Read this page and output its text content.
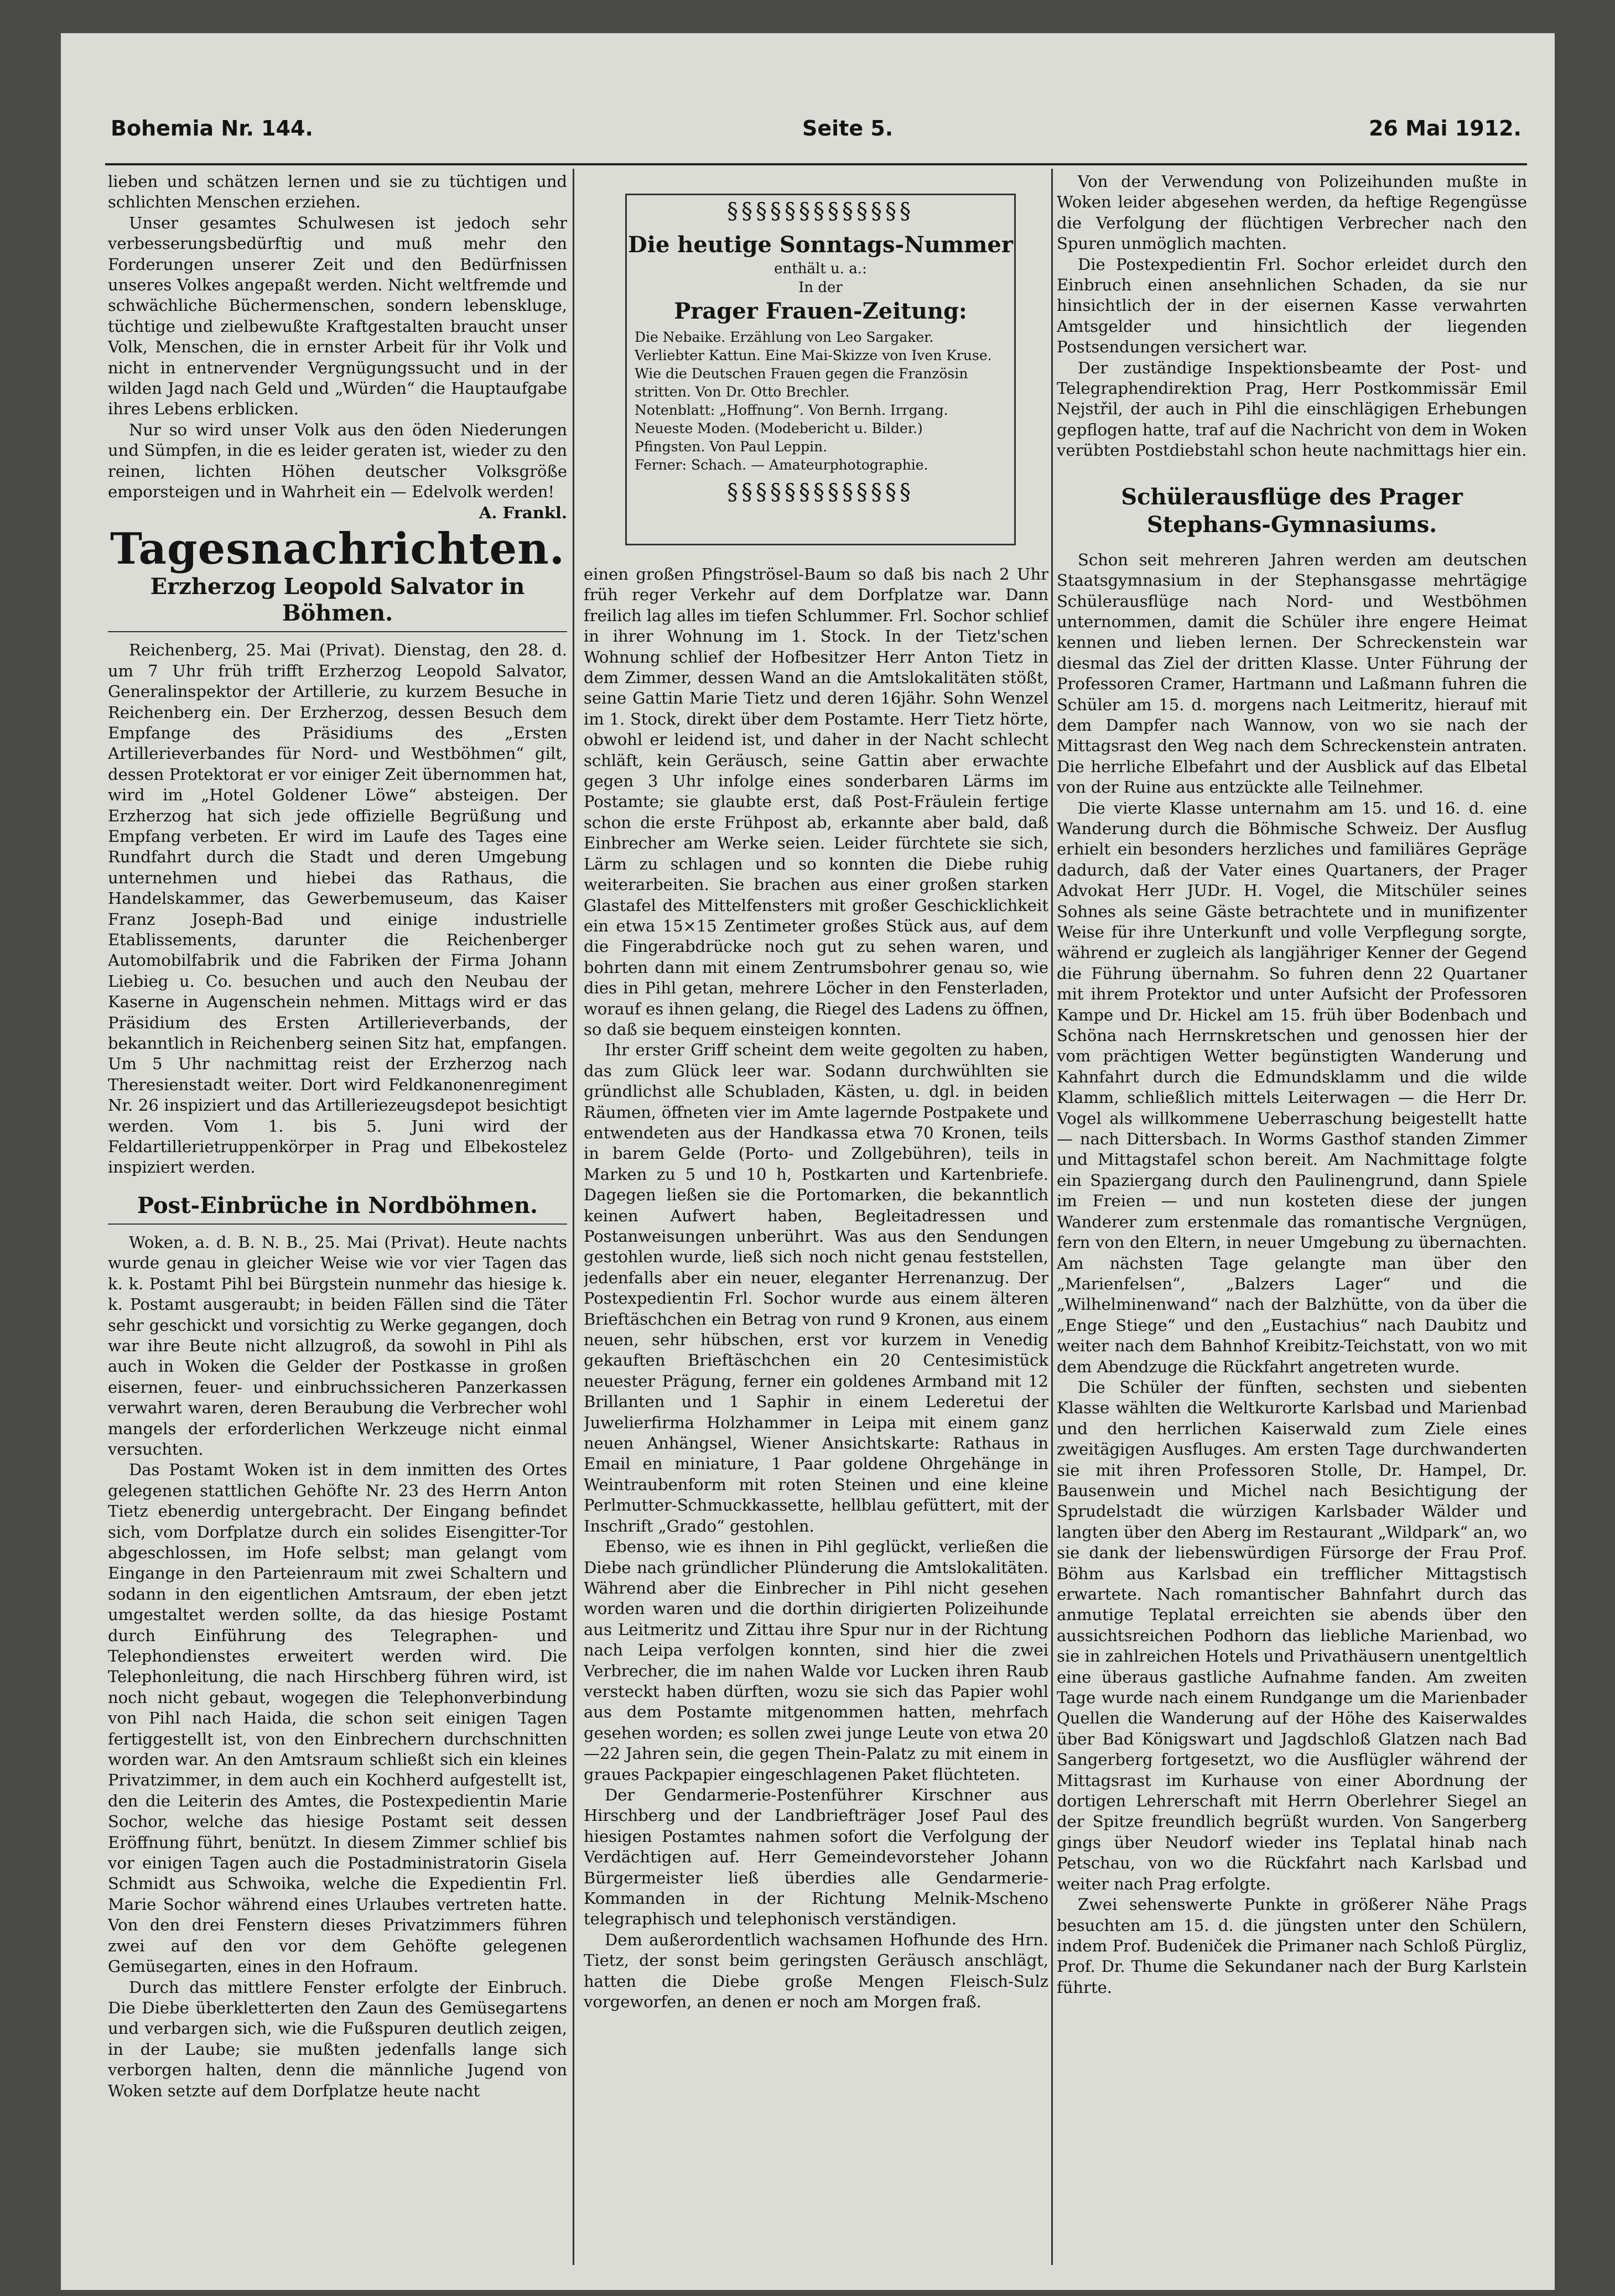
Bohemia Nr. 144.	Seite 5.	26 Mai 1912.

lieben und schätzen lernen und sie zu tüchtigen und schlichten Menschen erziehen.

Unser gesamtes Schulwesen ist jedoch sehr verbesserungsbedürftig und muß mehr den Forderungen unserer Zeit und den Bedürfnissen unseres Volkes angepaßt werden. Nicht weltfremde und schwächliche Büchermenschen, sondern lebenskluge, tüchtige und zielbewußte Kraftgestalten braucht unser Volk, Menschen, die in ernster Arbeit für ihr Volk und nicht in entnervender Vergnügungssucht und in der wilden Jagd nach Geld und „Würden“ die Hauptaufgabe ihres Lebens erblicken.

Nur so wird unser Volk aus den öden Niederungen und Sümpfen, in die es leider geraten ist, wieder zu den reinen, lichten Höhen deutscher Volksgröße emporsteigen und in Wahrheit ein — Edelvolk werden!

A. Frankl.

Tagesnachrichten.
Erzherzog Leopold Salvator in Böhmen.

Reichenberg, 25. Mai (Privat). Dienstag, den 28. d. um 7 Uhr früh trifft Erzherzog Leopold Salvator, Generalinspektor der Artillerie, zu kurzem Besuche in Reichenberg ein. Der Erzherzog, dessen Besuch dem Empfange des Präsidiums des „Ersten Artillerieverbandes für Nord- und Westböhmen“ gilt, dessen Protektorat er vor einiger Zeit übernommen hat, wird im „Hotel Goldener Löwe“ absteigen. Der Erzherzog hat sich jede offizielle Begrüßung und Empfang verbeten. Er wird im Laufe des Tages eine Rundfahrt durch die Stadt und deren Umgebung unternehmen und hiebei das Rathaus, die Handelskammer, das Gewerbemuseum, das Kaiser Franz Joseph-Bad und einige industrielle Etablissements, darunter die Reichenberger Automobilfabrik und die Fabriken der Firma Johann Liebieg u. Co. besuchen und auch den Neubau der Kaserne in Augenschein nehmen. Mittags wird er das Präsidium des Ersten Artillerieverbands, der bekanntlich in Reichenberg seinen Sitz hat, empfangen. Um 5 Uhr nachmittag reist der Erzherzog nach Theresienstadt weiter. Dort wird Feldkanonenregiment Nr. 26 inspiziert und das Artilleriezeugsdepot besichtigt werden. Vom 1. bis 5. Juni wird der Feldartillerietruppenkörper in Prag und Elbekostelez inspiziert werden.

Post-Einbrüche in Nordböhmen.

Woken, a. d. B. N. B., 25. Mai (Privat). Heute nachts wurde genau in gleicher Weise wie vor vier Tagen das k. k. Postamt Pihl bei Bürgstein nunmehr das hiesige k. k. Postamt ausgeraubt; in beiden Fällen sind die Täter sehr geschickt und vorsichtig zu Werke gegangen, doch war ihre Beute nicht allzugroß, da sowohl in Pihl als auch in Woken die Gelder der Postkasse in großen eisernen, feuer- und einbruchssicheren Panzerkassen verwahrt waren, deren Beraubung die Verbrecher wohl mangels der erforderlichen Werkzeuge nicht einmal versuchten.

Das Postamt Woken ist in dem inmitten des Ortes gelegenen stattlichen Gehöfte Nr. 23 des Herrn Anton Tietz ebenerdig untergebracht. Der Eingang befindet sich, vom Dorfplatze durch ein solides Eisengitter-Tor abgeschlossen, im Hofe selbst; man gelangt vom Eingange in den Parteienraum mit zwei Schaltern und sodann in den eigentlichen Amtsraum, der eben jetzt umgestaltet werden sollte, da das hiesige Postamt durch Einführung des Telegraphen- und Telephondienstes erweitert werden wird. Die Telephonleitung, die nach Hirschberg führen wird, ist noch nicht gebaut, wogegen die Telephonverbindung von Pihl nach Haida, die schon seit einigen Tagen fertiggestellt ist, von den Einbrechern durchschnitten worden war. An den Amtsraum schließt sich ein kleines Privatzimmer, in dem auch ein Kochherd aufgestellt ist, den die Leiterin des Amtes, die Postexpedientin Marie Sochor, welche das hiesige Postamt seit dessen Eröffnung führt, benützt. In diesem Zimmer schlief bis vor einigen Tagen auch die Postadministratorin Gisela Schmidt aus Schwoika, welche die Expedientin Frl. Marie Sochor während eines Urlaubes vertreten hatte. Von den drei Fenstern dieses Privatzimmers führen zwei auf den vor dem Gehöfte gelegenen Gemüsegarten, eines in den Hofraum.

Durch das mittlere Fenster erfolgte der Einbruch. Die Diebe überkletterten den Zaun des Gemüsegartens und verbargen sich, wie die Fußspuren deutlich zeigen, in der Laube; sie mußten jedenfalls lange sich verborgen halten, denn die männliche Jugend von Woken setzte auf dem Dorfplatze heute nacht

§§§§§§§§§§§§§
Die heutige Sonntags-Nummer
enthält u. a.:
In der
Prager Frauen-Zeitung:
Die Nebaike. Erzählung von Leo Sargaker.
Verliebter Kattun. Eine Mai-Skizze von Iven Kruse.
Wie die Deutschen Frauen gegen die Französin stritten. Von Dr. Otto Brechler.
Notenblatt: „Hoffnung“. Von Bernh. Irrgang.
Neueste Moden. (Modebericht u. Bilder.)
Pfingsten. Von Paul Leppin.
Ferner: Schach. — Amateurphotographie.
§§§§§§§§§§§§§

einen großen Pfingströsel-Baum so daß bis nach 2 Uhr früh reger Verkehr auf dem Dorfplatze war. Dann freilich lag alles im tiefen Schlummer. Frl. Sochor schlief in ihrer Wohnung im 1. Stock. In der Tietz'schen Wohnung schlief der Hofbesitzer Herr Anton Tietz in dem Zimmer, dessen Wand an die Amtslokalitäten stößt, seine Gattin Marie Tietz und deren 16jähr. Sohn Wenzel im 1. Stock, direkt über dem Postamte. Herr Tietz hörte, obwohl er leidend ist, und daher in der Nacht schlecht schläft, kein Geräusch, seine Gattin aber erwachte gegen 3 Uhr infolge eines sonderbaren Lärms im Postamte; sie glaubte erst, daß Post-Fräulein fertige schon die erste Frühpost ab, erkannte aber bald, daß Einbrecher am Werke seien. Leider fürchtete sie sich, Lärm zu schlagen und so konnten die Diebe ruhig weiterarbeiten. Sie brachen aus einer großen starken Glastafel des Mittelfensters mit großer Geschicklichkeit ein etwa 15×15 Zentimeter großes Stück aus, auf dem die Fingerabdrücke noch gut zu sehen waren, und bohrten dann mit einem Zentrumsbohrer genau so, wie dies in Pihl getan, mehrere Löcher in den Fensterladen, worauf es ihnen gelang, die Riegel des Ladens zu öffnen, so daß sie bequem einsteigen konnten.

Ihr erster Griff scheint dem weite gegolten zu haben, das zum Glück leer war. Sodann durchwühlten sie gründlichst alle Schubladen, Kästen, u. dgl. in beiden Räumen, öffneten vier im Amte lagernde Postpakete und entwendeten aus der Handkassa etwa 70 Kronen, teils in barem Gelde (Porto- und Zollgebühren), teils in Marken zu 5 und 10 h, Postkarten und Kartenbriefe. Dagegen ließen sie die Portomarken, die bekanntlich keinen Aufwert haben, Begleitadressen und Postanweisungen unberührt. Was aus den Sendungen gestohlen wurde, ließ sich noch nicht genau feststellen, jedenfalls aber ein neuer, eleganter Herrenanzug. Der Postexpedientin Frl. Sochor wurde aus einem älteren Brieftäschchen ein Betrag von rund 9 Kronen, aus einem neuen, sehr hübschen, erst vor kurzem in Venedig gekauften Brieftäschchen ein 20 Centesimistück neuester Prägung, ferner ein goldenes Armband mit 12 Brillanten und 1 Saphir in einem Lederetui der Juwelierfirma Holzhammer in Leipa mit einem ganz neuen Anhängsel, Wiener Ansichtskarte: Rathaus in Email en miniature, 1 Paar goldene Ohrgehänge in Weintraubenform mit roten Steinen und eine kleine Perlmutter-Schmuckkassette, hellblau gefüttert, mit der Inschrift „Grado“ gestohlen.

Ebenso, wie es ihnen in Pihl geglückt, verließen die Diebe nach gründlicher Plünderung die Amtslokalitäten. Während aber die Einbrecher in Pihl nicht gesehen worden waren und die dorthin dirigierten Polizeihunde aus Leitmeritz und Zittau ihre Spur nur in der Richtung nach Leipa verfolgen konnten, sind hier die zwei Verbrecher, die im nahen Walde vor Lucken ihren Raub versteckt haben dürften, wozu sie sich das Papier wohl aus dem Postamte mitgenommen hatten, mehrfach gesehen worden; es sollen zwei junge Leute von etwa 20—22 Jahren sein, die gegen Thein-Palatz zu mit einem in graues Packpapier eingeschlagenen Paket flüchteten.

Der Gendarmerie-Postenführer Kirschner aus Hirschberg und der Landbriefträger Josef Paul des hiesigen Postamtes nahmen sofort die Verfolgung der Verdächtigen auf. Herr Gemeindevorsteher Johann Bürgermeister ließ überdies alle Gendarmerie-Kommanden in der Richtung Melnik-Mscheno telegraphisch und telephonisch verständigen.

Dem außerordentlich wachsamen Hofhunde des Hrn. Tietz, der sonst beim geringsten Geräusch anschlägt, hatten die Diebe große Mengen Fleisch-Sulz vorgeworfen, an denen er noch am Morgen fraß.

Von der Verwendung von Polizeihunden mußte in Woken leider abgesehen werden, da heftige Regengüsse die Verfolgung der flüchtigen Verbrecher nach den Spuren unmöglich machten.

Die Postexpedientin Frl. Sochor erleidet durch den Einbruch einen ansehnlichen Schaden, da sie nur hinsichtlich der in der eisernen Kasse verwahrten Amtsgelder und hinsichtlich der liegenden Postsendungen versichert war.

Der zuständige Inspektionsbeamte der Post- und Telegraphendirektion Prag, Herr Postkommissär Emil Nejstřil, der auch in Pihl die einschlägigen Erhebungen gepflogen hatte, traf auf die Nachricht von dem in Woken verübten Postdiebstahl schon heute nachmittags hier ein.

Schülerausflüge des Prager Stephans-Gymnasiums.

Schon seit mehreren Jahren werden am deutschen Staatsgymnasium in der Stephansgasse mehrtägige Schülerausflüge nach Nord- und Westböhmen unternommen, damit die Schüler ihre engere Heimat kennen und lieben lernen. Der Schreckenstein war diesmal das Ziel der dritten Klasse. Unter Führung der Professoren Cramer, Hartmann und Laßmann fuhren die Schüler am 15. d. morgens nach Leitmeritz, hierauf mit dem Dampfer nach Wannow, von wo sie nach der Mittagsrast den Weg nach dem Schreckenstein antraten. Die herrliche Elbefahrt und der Ausblick auf das Elbetal von der Ruine aus entzückte alle Teilnehmer.

Die vierte Klasse unternahm am 15. und 16. d. eine Wanderung durch die Böhmische Schweiz. Der Ausflug erhielt ein besonders herzliches und familiäres Gepräge dadurch, daß der Vater eines Quartaners, der Prager Advokat Herr JUDr. H. Vogel, die Mitschüler seines Sohnes als seine Gäste betrachtete und in munifizenter Weise für ihre Unterkunft und volle Verpflegung sorgte, während er zugleich als langjähriger Kenner der Gegend die Führung übernahm. So fuhren denn 22 Quartaner mit ihrem Protektor und unter Aufsicht der Professoren Kampe und Dr. Hickel am 15. früh über Bodenbach und Schöna nach Herrnskretschen und genossen hier der vom prächtigen Wetter begünstigten Wanderung und Kahnfahrt durch die Edmundsklamm und die wilde Klamm, schließlich mittels Leiterwagen — die Herr Dr. Vogel als willkommene Ueberraschung beigestellt hatte — nach Dittersbach. In Worms Gasthof standen Zimmer und Mittagstafel schon bereit. Am Nachmittage folgte ein Spaziergang durch den Paulinengrund, dann Spiele im Freien — und nun kosteten diese der jungen Wanderer zum erstenmale das romantische Vergnügen, fern von den Eltern, in neuer Umgebung zu übernachten. Am nächsten Tage gelangte man über den „Marienfelsen“, „Balzers Lager“ und die „Wilhelminenwand“ nach der Balzhütte, von da über die „Enge Stiege“ und den „Eustachius“ nach Daubitz und weiter nach dem Bahnhof Kreibitz-Teichstatt, von wo mit dem Abendzuge die Rückfahrt angetreten wurde.

Die Schüler der fünften, sechsten und siebenten Klasse wählten die Weltkurorte Karlsbad und Marienbad und den herrlichen Kaiserwald zum Ziele eines zweitägigen Ausfluges. Am ersten Tage durchwanderten sie mit ihren Professoren Stolle, Dr. Hampel, Dr. Bausenwein und Michel nach Besichtigung der Sprudelstadt die würzigen Karlsbader Wälder und langten über den Aberg im Restaurant „Wildpark“ an, wo sie dank der liebenswürdigen Fürsorge der Frau Prof. Böhm aus Karlsbad ein trefflicher Mittagstisch erwartete. Nach romantischer Bahnfahrt durch das anmutige Teplatal erreichten sie abends über den aussichtsreichen Podhorn das liebliche Marienbad, wo sie in zahlreichen Hotels und Privathäusern unentgeltlich eine überaus gastliche Aufnahme fanden. Am zweiten Tage wurde nach einem Rundgange um die Marienbader Quellen die Wanderung auf der Höhe des Kaiserwaldes über Bad Königswart und Jagdschloß Glatzen nach Bad Sangerberg fortgesetzt, wo die Ausflügler während der Mittagsrast im Kurhause von einer Abordnung der dortigen Lehrerschaft mit Herrn Oberlehrer Siegel an der Spitze freundlich begrüßt wurden. Von Sangerberg gings über Neudorf wieder ins Teplatal hinab nach Petschau, von wo die Rückfahrt nach Karlsbad und weiter nach Prag erfolgte.

Zwei sehenswerte Punkte in größerer Nähe Prags besuchten am 15. d. die jüngsten unter den Schülern, indem Prof. Budeniček die Primaner nach Schloß Pürgliz, Prof. Dr. Thume die Sekundaner nach der Burg Karlstein führte.
